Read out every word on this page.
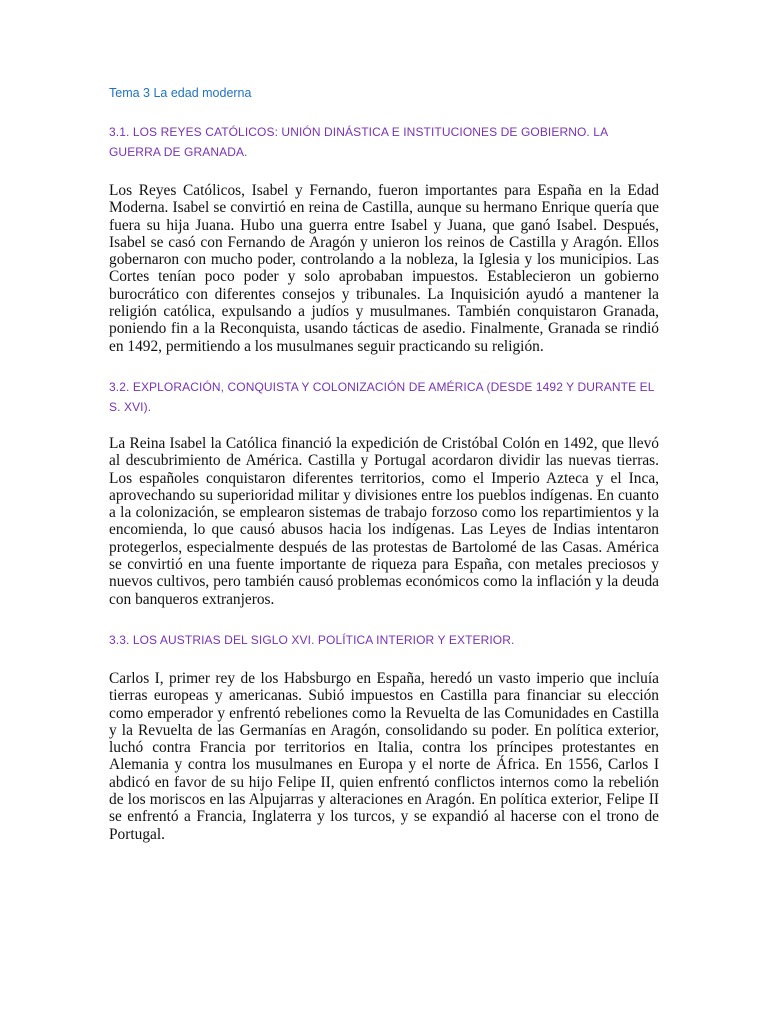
Tema 3 La edad moderna
3.1. LOS REYES CATÓLICOS: UNIÓN DINÁSTICA E INSTITUCIONES DE GOBIERNO. LA GUERRA DE GRANADA.

Los Reyes Católicos, Isabel y Fernando, fueron importantes para España en la Edad Moderna. Isabel se convirtió en reina de Castilla, aunque su hermano Enrique quería que fuera su hija Juana. Hubo una guerra entre Isabel y Juana, que ganó Isabel. Después, Isabel se casó con Fernando de Aragón y unieron los reinos de Castilla y Aragón. Ellos gobernaron con mucho poder, controlando a la nobleza, la Iglesia y los municipios. Las Cortes tenían poco poder y solo aprobaban impuestos. Establecieron un gobierno burocrático con diferentes consejos y tribunales. La Inquisición ayudó a mantener la religión católica, expulsando a judíos y musulmanes. También conquistaron Granada, poniendo fin a la Reconquista, usando tácticas de asedio. Finalmente, Granada se rindió en 1492, permitiendo a los musulmanes seguir practicando su religión.

3.2. EXPLORACIÓN, CONQUISTA Y COLONIZACIÓN DE AMÉRICA (DESDE 1492 Y DURANTE EL S. XVI).

La Reina Isabel la Católica financió la expedición de Cristóbal Colón en 1492, que llevó al descubrimiento de América. Castilla y Portugal acordaron dividir las nuevas tierras. Los españoles conquistaron diferentes territorios, como el Imperio Azteca y el Inca, aprovechando su superioridad militar y divisiones entre los pueblos indígenas. En cuanto a la colonización, se emplearon sistemas de trabajo forzoso como los repartimientos y la encomienda, lo que causó abusos hacia los indígenas. Las Leyes de Indias intentaron protegerlos, especialmente después de las protestas de Bartolomé de las Casas. América se convirtió en una fuente importante de riqueza para España, con metales preciosos y nuevos cultivos, pero también causó problemas económicos como la inflación y la deuda con banqueros extranjeros.

3.3. LOS AUSTRIAS DEL SIGLO XVI. POLÍTICA INTERIOR Y EXTERIOR.

Carlos I, primer rey de los Habsburgo en España, heredó un vasto imperio que incluía tierras europeas y americanas. Subió impuestos en Castilla para financiar su elección como emperador y enfrentó rebeliones como la Revuelta de las Comunidades en Castilla y la Revuelta de las Germanías en Aragón, consolidando su poder. En política exterior, luchó contra Francia por territorios en Italia, contra los príncipes protestantes en Alemania y contra los musulmanes en Europa y el norte de África. En 1556, Carlos I abdicó en favor de su hijo Felipe II, quien enfrentó conflictos internos como la rebelión de los moriscos en las Alpujarras y alteraciones en Aragón. En política exterior, Felipe II se enfrentó a Francia, Inglaterra y los turcos, y se expandió al hacerse con el trono de Portugal.
